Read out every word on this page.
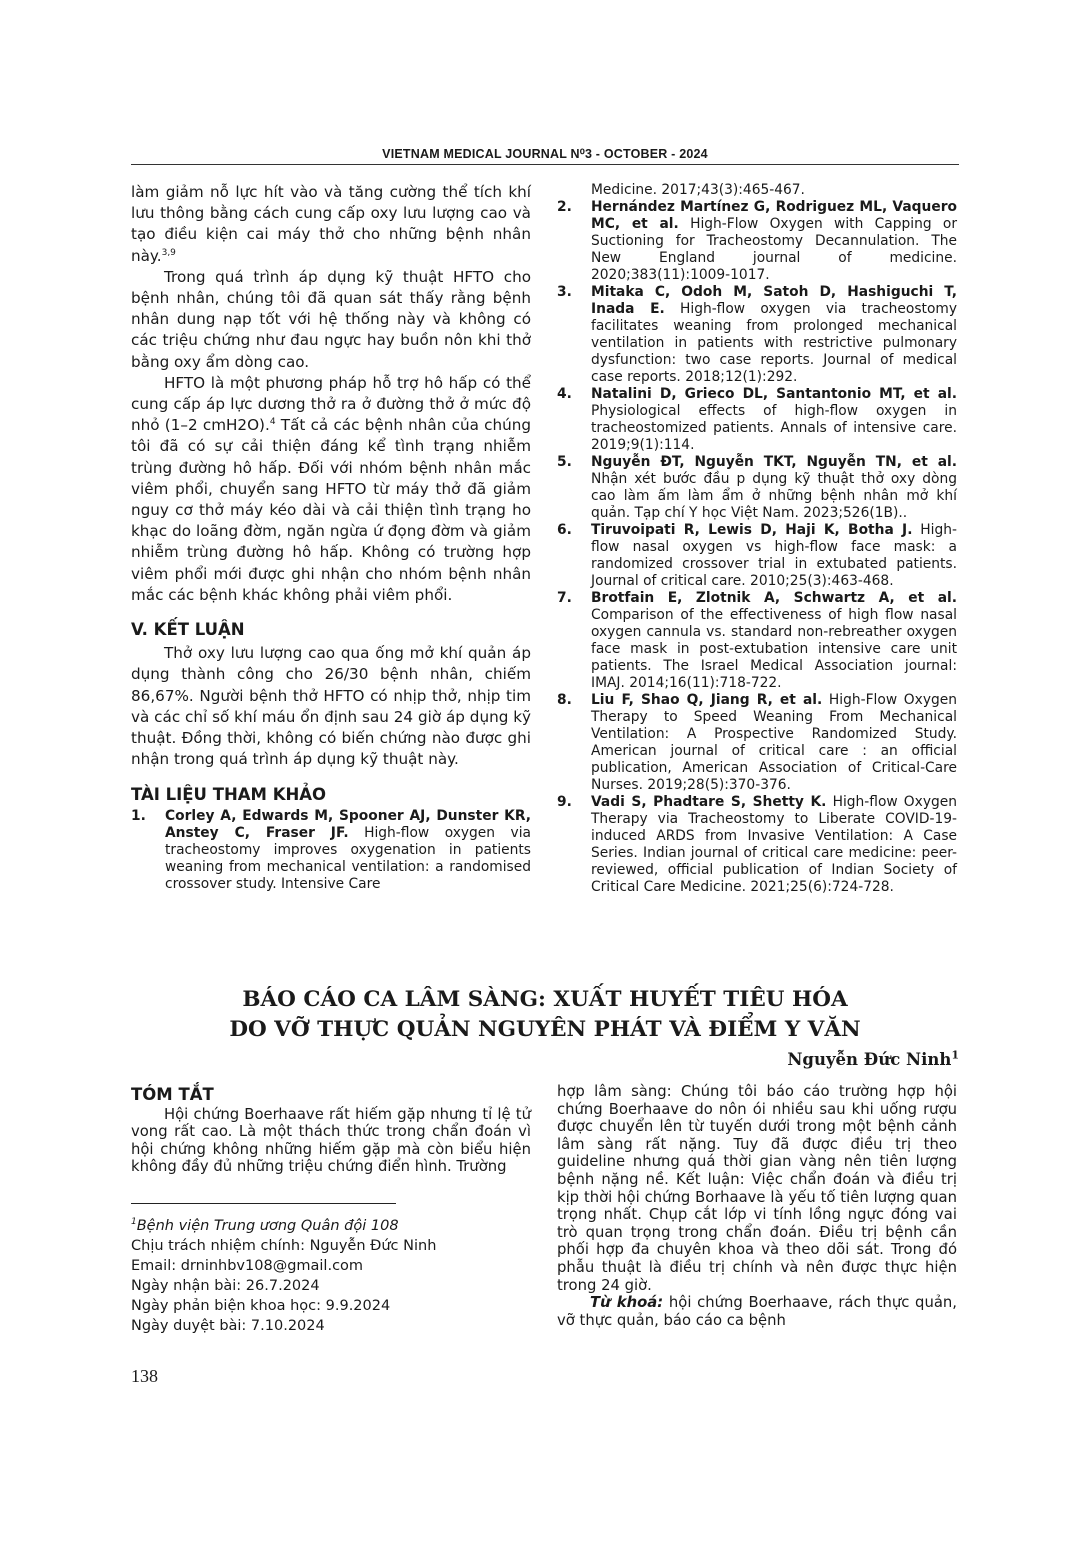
VIETNAM MEDICAL JOURNAL N⁰3 - OCTOBER - 2024

làm giảm nỗ lực hít vào và tăng cường thể tích khí lưu thông bằng cách cung cấp oxy lưu lượng cao và tạo điều kiện cai máy thở cho những bệnh nhân này.$^{3,9}$

Trong quá trình áp dụng kỹ thuật HFTO cho bệnh nhân, chúng tôi đã quan sát thấy rằng bệnh nhân dung nạp tốt với hệ thống này và không có các triệu chứng như đau ngực hay buồn nôn khi thở bằng oxy ẩm dòng cao.

HFTO là một phương pháp hỗ trợ hô hấp có thể cung cấp áp lực dương thở ra ở đường thở ở mức độ nhỏ (1–2 cmH2O).$^4$ Tất cả các bệnh nhân của chúng tôi đã có sự cải thiện đáng kể tình trạng nhiễm trùng đường hô hấp. Đối với nhóm bệnh nhân mắc viêm phổi, chuyển sang HFTO từ máy thở đã giảm nguy cơ thở máy kéo dài và cải thiện tình trạng ho khạc do loãng đờm, ngăn ngừa ứ đọng đờm và giảm nhiễm trùng đường hô hấp. Không có trường hợp viêm phổi mới được ghi nhận cho nhóm bệnh nhân mắc các bệnh khác không phải viêm phổi.

V. KẾT LUẬN

Thở oxy lưu lượng cao qua ống mở khí quản áp dụng thành công cho 26/30 bệnh nhân, chiếm 86,67%. Người bệnh thở HFTO có nhịp thở, nhịp tim và các chỉ số khí máu ổn định sau 24 giờ áp dụng kỹ thuật. Đồng thời, không có biến chứng nào được ghi nhận trong quá trình áp dụng kỹ thuật này.

TÀI LIỆU THAM KHẢO
1.	Corley A, Edwards M, Spooner AJ, Dunster KR, Anstey C, Fraser JF. High-flow oxygen via tracheostomy improves oxygenation in patients weaning from mechanical ventilation: a randomised crossover study. Intensive Care
Medicine. 2017;43(3):465-467.
2.	Hernández Martínez G, Rodriguez ML, Vaquero MC, et al. High-Flow Oxygen with Capping or Suctioning for Tracheostomy Decannulation. The New England journal of medicine. 2020;383(11):1009-1017.
3.	Mitaka C, Odoh M, Satoh D, Hashiguchi T, Inada E. High-flow oxygen via tracheostomy facilitates weaning from prolonged mechanical ventilation in patients with restrictive pulmonary dysfunction: two case reports. Journal of medical case reports. 2018;12(1):292.
4.	Natalini D, Grieco DL, Santantonio MT, et al. Physiological effects of high-flow oxygen in tracheostomized patients. Annals of intensive care. 2019;9(1):114.
5.	Nguyễn ĐT, Nguyễn TKT, Nguyễn TN, et al. Nhận xét bước đầu p dụng kỹ thuật thở oxy dòng cao làm ấm làm ẩm ở những bệnh nhân mở khí quản. Tạp chí Y học Việt Nam. 2023;526(1B)..
6.	Tiruvoipati R, Lewis D, Haji K, Botha J. High-flow nasal oxygen vs high-flow face mask: a randomized crossover trial in extubated patients. Journal of critical care. 2010;25(3):463-468.
7.	Brotfain E, Zlotnik A, Schwartz A, et al. Comparison of the effectiveness of high flow nasal oxygen cannula vs. standard non-rebreather oxygen face mask in post-extubation intensive care unit patients. The Israel Medical Association journal: IMAJ. 2014;16(11):718-722.
8.	Liu F, Shao Q, Jiang R, et al. High-Flow Oxygen Therapy to Speed Weaning From Mechanical Ventilation: A Prospective Randomized Study. American journal of critical care : an official publication, American Association of Critical-Care Nurses. 2019;28(5):370-376.
9.	Vadi S, Phadtare S, Shetty K. High-flow Oxygen Therapy via Tracheostomy to Liberate COVID-19-induced ARDS from Invasive Ventilation: A Case Series. Indian journal of critical care medicine: peer-reviewed, official publication of Indian Society of Critical Care Medicine. 2021;25(6):724-728.
BÁO CÁO CA LÂM SÀNG: XUẤT HUYẾT TIÊU HÓA
DO VỠ THỰC QUẢN NGUYÊN PHÁT VÀ ĐIỂM Y VĂN
Nguyễn Đức Ninh$^1$
TÓM TẮT

Hội chứng Boerhaave rất hiếm gặp nhưng tỉ lệ tử vong rất cao. Là một thách thức trong chẩn đoán vì hội chứng không những hiếm gặp mà còn biểu hiện không đầy đủ những triệu chứng điển hình. Trường

hợp lâm sàng: Chúng tôi báo cáo trường hợp hội chứng Boerhaave do nôn ói nhiều sau khi uống rượu được chuyển lên từ tuyến dưới trong một bệnh cảnh lâm sàng rất nặng. Tuy đã được điều trị theo guideline nhưng quá thời gian vàng nên tiên lượng bệnh nặng nề. Kết luận: Việc chẩn đoán và điều trị kịp thời hội chứng Borhaave là yếu tố tiên lượng quan trọng nhất. Chụp cắt lớp vi tính lồng ngực đóng vai trò quan trọng trong chẩn đoán. Điều trị bệnh cần phối hợp đa chuyên khoa và theo dõi sát. Trong đó phẫu thuật là điều trị chính và nên được thực hiện trong 24 giờ.

Từ khoá: hội chứng Boerhaave, rách thực quản, vỡ thực quản, báo cáo ca bệnh

$^1$Bệnh viện Trung ương Quân đội 108
Chịu trách nhiệm chính: Nguyễn Đức Ninh
Email: drninhbv108@gmail.com
Ngày nhận bài: 26.7.2024
Ngày phản biện khoa học: 9.9.2024
Ngày duyệt bài: 7.10.2024
138
